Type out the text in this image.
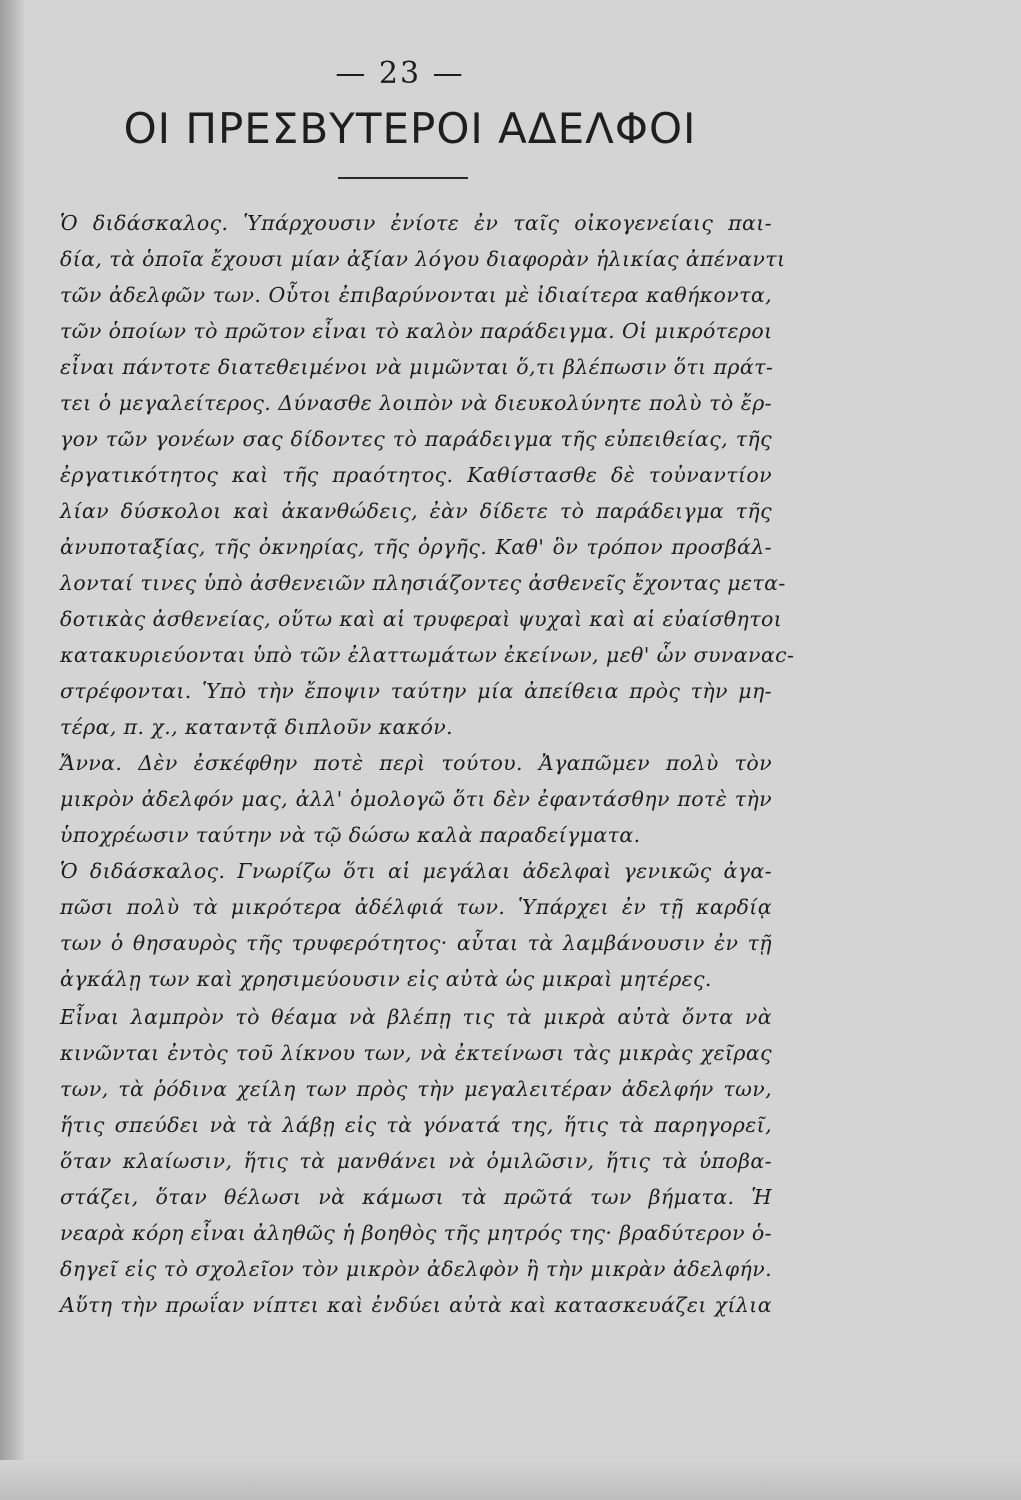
— 23 —
ΟΙ ΠΡΕΣΒΥΤΕΡΟΙ ΑΔΕΛΦΟΙ
Ὁ διδάσκαλος. Ὑπάρχουσιν ἐνίοτε ἐν ταῖς οἰκογενείαις παι-
δία, τὰ ὁποῖα ἔχουσι μίαν ἀξίαν λόγου διαφορὰν ἡλικίας ἀπέναντι
τῶν ἀδελφῶν των. Οὗτοι ἐπιβαρύνονται μὲ ἰδιαίτερα καθήκοντα,
τῶν ὁποίων τὸ πρῶτον εἶναι τὸ καλὸν παράδειγμα. Οἱ μικρότεροι
εἶναι πάντοτε διατεθειμένοι νὰ μιμῶνται ὅ,τι βλέπωσιν ὅτι πράτ-
τει ὁ μεγαλείτερος. Δύνασθε λοιπὸν νὰ διευκολύνητε πολὺ τὸ ἔρ-
γον τῶν γονέων σας δίδοντες τὸ παράδειγμα τῆς εὐπειθείας, τῆς
ἐργατικότητος καὶ τῆς πραότητος. Καθίστασθε δὲ τοὐναντίον
λίαν δύσκολοι καὶ ἀκανθώδεις, ἐὰν δίδετε τὸ παράδειγμα τῆς
ἀνυποταξίας, τῆς ὀκνηρίας, τῆς ὀργῆς. Καθ' ὃν τρόπον προσβάλ-
λονταί τινες ὑπὸ ἀσθενειῶν πλησιάζοντες ἀσθενεῖς ἔχοντας μετα-
δοτικὰς ἀσθενείας, οὕτω καὶ αἱ τρυφεραὶ ψυχαὶ καὶ αἱ εὐαίσθητοι
κατακυριεύονται ὑπὸ τῶν ἐλαττωμάτων ἐκείνων, μεθ' ὧν συναναc-
στρέφονται. Ὑπὸ τὴν ἔποψιν ταύτην μία ἀπείθεια πρὸς τὴν μη-
τέρα, π. χ., καταντᾷ διπλοῦν κακόν.
Ἄννα. Δὲν ἐσκέφθην ποτὲ περὶ τούτου. Ἀγαπῶμεν πολὺ τὸν
μικρὸν ἀδελφόν μας, ἀλλ' ὁμολογῶ ὅτι δὲν ἐφαντάσθην ποτὲ τὴν
ὑποχρέωσιν ταύτην νὰ τῷ δώσω καλὰ παραδείγματα.
Ὁ διδάσκαλος. Γνωρίζω ὅτι αἱ μεγάλαι ἀδελφαὶ γενικῶς ἀγα-
πῶσι πολὺ τὰ μικρότερα ἀδέλφιά των. Ὑπάρχει ἐν τῇ καρδίᾳ
των ὁ θησαυρὸς τῆς τρυφερότητος· αὗται τὰ λαμβάνουσιν ἐν τῇ
ἀγκάλῃ των καὶ χρησιμεύουσιν εἰς αὐτὰ ὡς μικραὶ μητέρες.
Εἶναι λαμπρὸν τὸ θέαμα νὰ βλέπῃ τις τὰ μικρὰ αὐτὰ ὄντα νὰ
κινῶνται ἐντὸς τοῦ λίκνου των, νὰ ἐκτείνωσι τὰς μικρὰς χεῖρας
των, τὰ ῥόδινα χείλη των πρὸς τὴν μεγαλειτέραν ἀδελφήν των,
ἥτις σπεύδει νὰ τὰ λάβῃ εἰς τὰ γόνατά της, ἥτις τὰ παρηγορεῖ,
ὅταν κλαίωσιν, ἥτις τὰ μανθάνει νὰ ὁμιλῶσιν, ἥτις τὰ ὑποβα-
στάζει, ὅταν θέλωσι νὰ κάμωσι τὰ πρῶτά των βήματα. Ἡ
νεαρὰ κόρη εἶναι ἀληθῶς ἡ βοηθὸς τῆς μητρός της· βραδύτερον ὁ-
δηγεῖ εἰς τὸ σχολεῖον τὸν μικρὸν ἀδελφὸν ἢ τὴν μικρὰν ἀδελφήν.
Αὕτη τὴν πρωΐαν νίπτει καὶ ἐνδύει αὐτὰ καὶ κατασκευάζει χίλια
